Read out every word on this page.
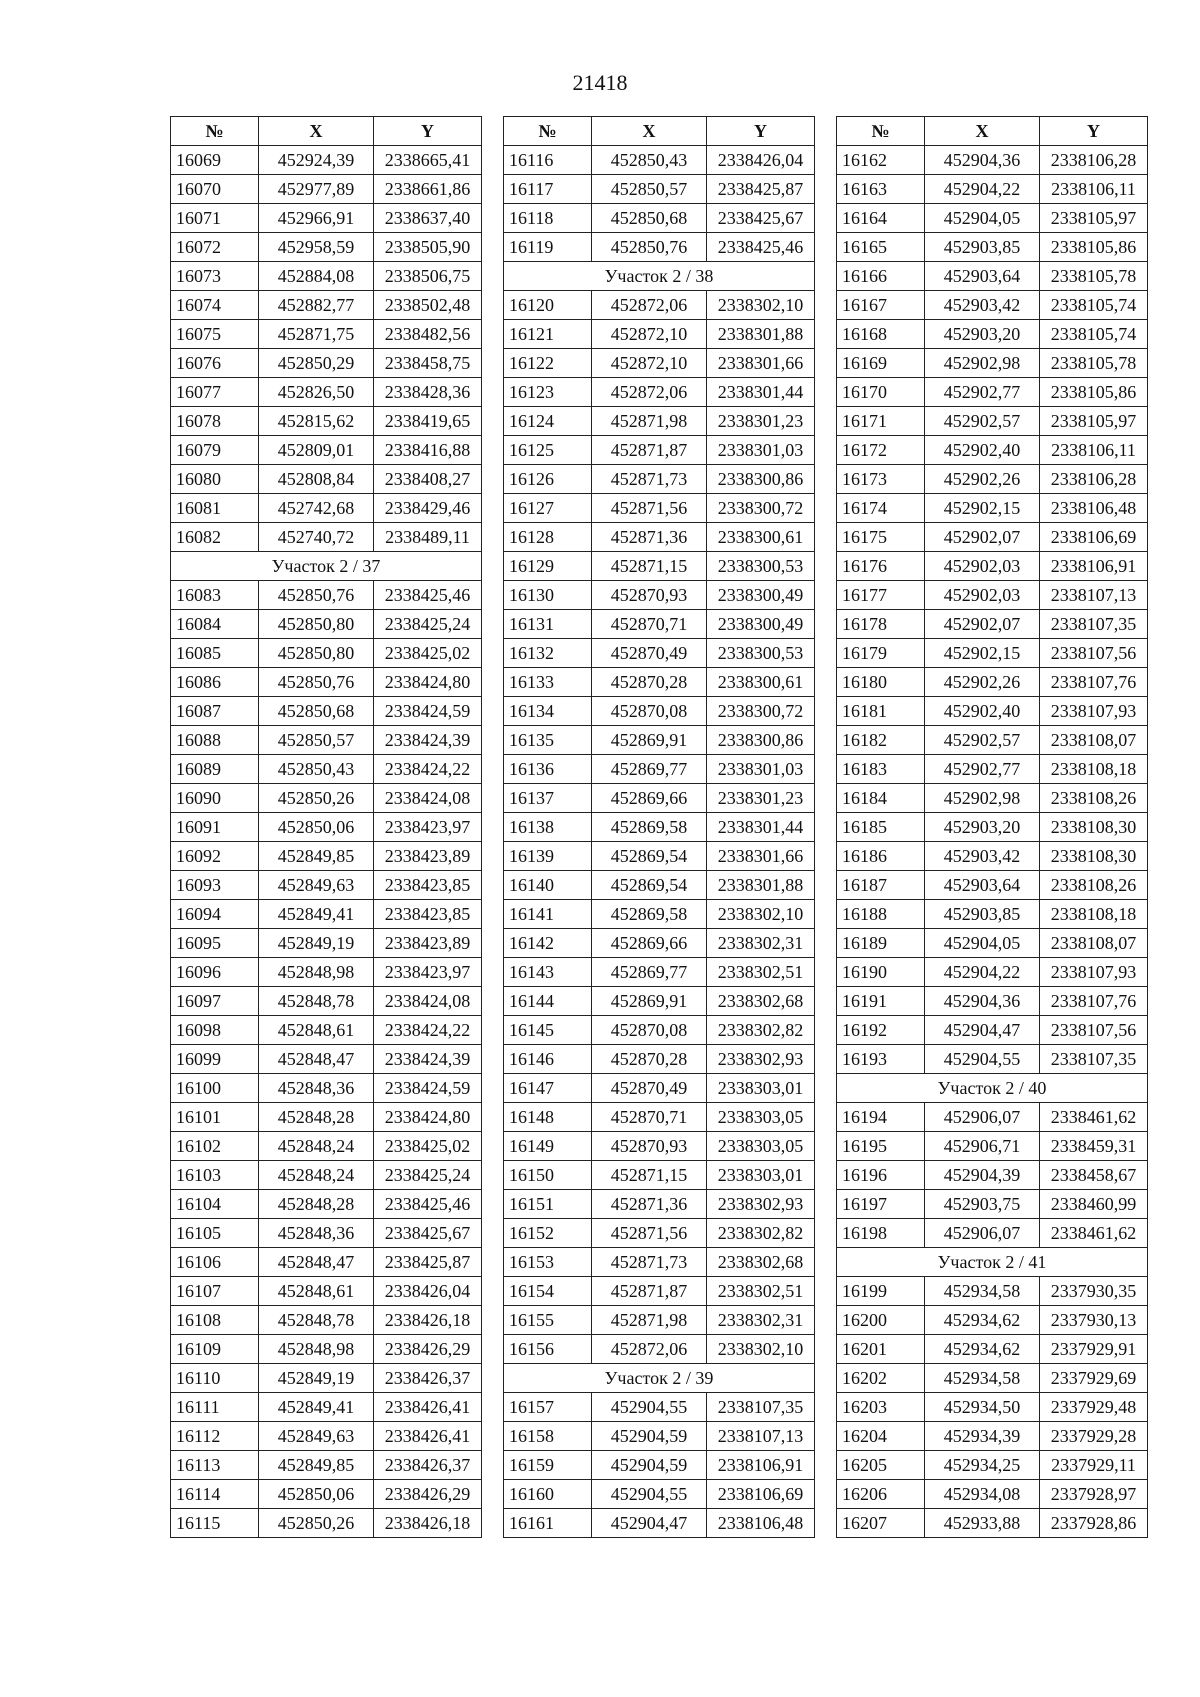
21418
№	X	Y
16069	452924,39	2338665,41
16070	452977,89	2338661,86
16071	452966,91	2338637,40
16072	452958,59	2338505,90
16073	452884,08	2338506,75
16074	452882,77	2338502,48
16075	452871,75	2338482,56
16076	452850,29	2338458,75
16077	452826,50	2338428,36
16078	452815,62	2338419,65
16079	452809,01	2338416,88
16080	452808,84	2338408,27
16081	452742,68	2338429,46
16082	452740,72	2338489,11
Участок 2 / 37		
16083	452850,76	2338425,46
16084	452850,80	2338425,24
16085	452850,80	2338425,02
16086	452850,76	2338424,80
16087	452850,68	2338424,59
16088	452850,57	2338424,39
16089	452850,43	2338424,22
16090	452850,26	2338424,08
16091	452850,06	2338423,97
16092	452849,85	2338423,89
16093	452849,63	2338423,85
16094	452849,41	2338423,85
16095	452849,19	2338423,89
16096	452848,98	2338423,97
16097	452848,78	2338424,08
16098	452848,61	2338424,22
16099	452848,47	2338424,39
16100	452848,36	2338424,59
16101	452848,28	2338424,80
16102	452848,24	2338425,02
16103	452848,24	2338425,24
16104	452848,28	2338425,46
16105	452848,36	2338425,67
16106	452848,47	2338425,87
16107	452848,61	2338426,04
16108	452848,78	2338426,18
16109	452848,98	2338426,29
16110	452849,19	2338426,37
16111	452849,41	2338426,41
16112	452849,63	2338426,41
16113	452849,85	2338426,37
16114	452850,06	2338426,29
16115	452850,26	2338426,18
№	X	Y
16116	452850,43	2338426,04
16117	452850,57	2338425,87
16118	452850,68	2338425,67
16119	452850,76	2338425,46
Участок 2 / 38		
16120	452872,06	2338302,10
16121	452872,10	2338301,88
16122	452872,10	2338301,66
16123	452872,06	2338301,44
16124	452871,98	2338301,23
16125	452871,87	2338301,03
16126	452871,73	2338300,86
16127	452871,56	2338300,72
16128	452871,36	2338300,61
16129	452871,15	2338300,53
16130	452870,93	2338300,49
16131	452870,71	2338300,49
16132	452870,49	2338300,53
16133	452870,28	2338300,61
16134	452870,08	2338300,72
16135	452869,91	2338300,86
16136	452869,77	2338301,03
16137	452869,66	2338301,23
16138	452869,58	2338301,44
16139	452869,54	2338301,66
16140	452869,54	2338301,88
16141	452869,58	2338302,10
16142	452869,66	2338302,31
16143	452869,77	2338302,51
16144	452869,91	2338302,68
16145	452870,08	2338302,82
16146	452870,28	2338302,93
16147	452870,49	2338303,01
16148	452870,71	2338303,05
16149	452870,93	2338303,05
16150	452871,15	2338303,01
16151	452871,36	2338302,93
16152	452871,56	2338302,82
16153	452871,73	2338302,68
16154	452871,87	2338302,51
16155	452871,98	2338302,31
16156	452872,06	2338302,10
Участок 2 / 39		
16157	452904,55	2338107,35
16158	452904,59	2338107,13
16159	452904,59	2338106,91
16160	452904,55	2338106,69
16161	452904,47	2338106,48
№	X	Y
16162	452904,36	2338106,28
16163	452904,22	2338106,11
16164	452904,05	2338105,97
16165	452903,85	2338105,86
16166	452903,64	2338105,78
16167	452903,42	2338105,74
16168	452903,20	2338105,74
16169	452902,98	2338105,78
16170	452902,77	2338105,86
16171	452902,57	2338105,97
16172	452902,40	2338106,11
16173	452902,26	2338106,28
16174	452902,15	2338106,48
16175	452902,07	2338106,69
16176	452902,03	2338106,91
16177	452902,03	2338107,13
16178	452902,07	2338107,35
16179	452902,15	2338107,56
16180	452902,26	2338107,76
16181	452902,40	2338107,93
16182	452902,57	2338108,07
16183	452902,77	2338108,18
16184	452902,98	2338108,26
16185	452903,20	2338108,30
16186	452903,42	2338108,30
16187	452903,64	2338108,26
16188	452903,85	2338108,18
16189	452904,05	2338108,07
16190	452904,22	2338107,93
16191	452904,36	2338107,76
16192	452904,47	2338107,56
16193	452904,55	2338107,35
Участок 2 / 40		
16194	452906,07	2338461,62
16195	452906,71	2338459,31
16196	452904,39	2338458,67
16197	452903,75	2338460,99
16198	452906,07	2338461,62
Участок 2 / 41		
16199	452934,58	2337930,35
16200	452934,62	2337930,13
16201	452934,62	2337929,91
16202	452934,58	2337929,69
16203	452934,50	2337929,48
16204	452934,39	2337929,28
16205	452934,25	2337929,11
16206	452934,08	2337928,97
16207	452933,88	2337928,86
